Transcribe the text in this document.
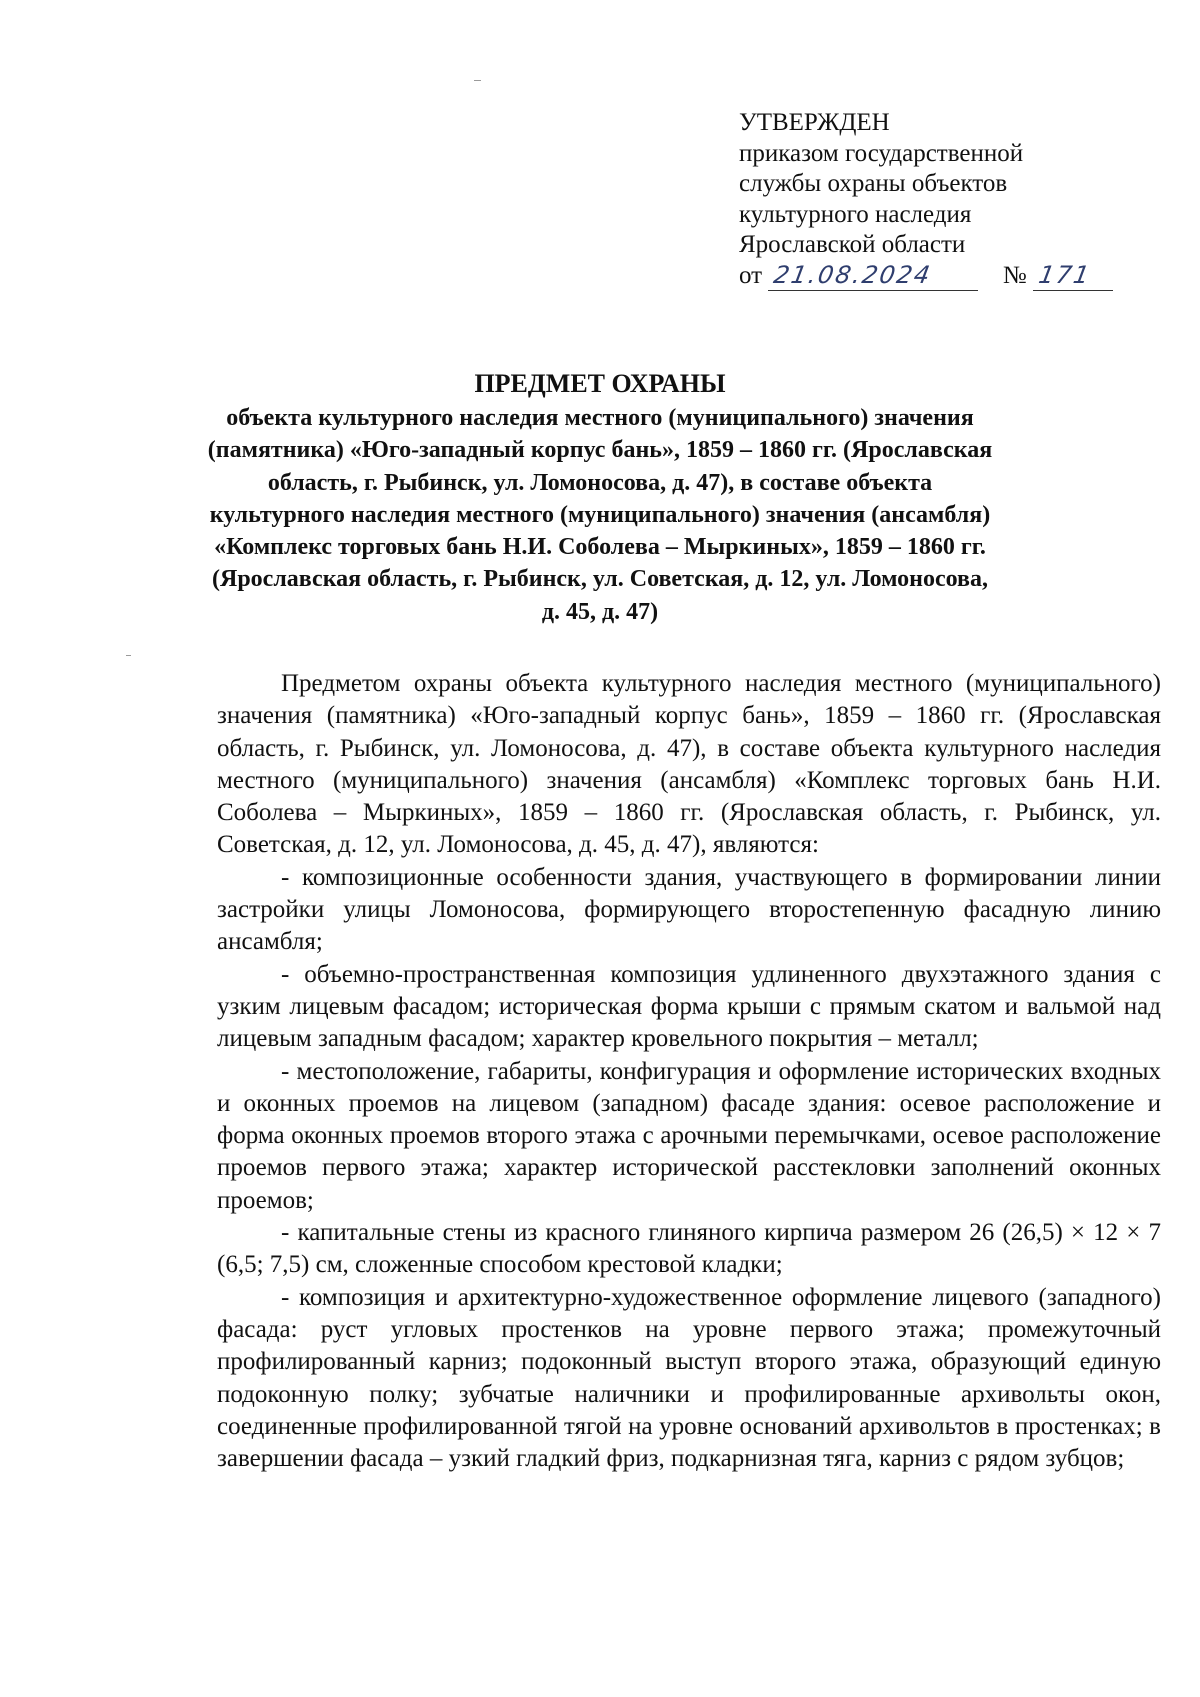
УТВЕРЖДЕН
приказом государственной
службы охраны объектов
культурного наследия
Ярославской области
от 21.08.2024	№ 171
ПРЕДМЕТ ОХРАНЫ
объекта культурного наследия местного (муниципального) значения (памятника) «Юго-западный корпус бань», 1859 – 1860 гг. (Ярославская область, г. Рыбинск, ул. Ломоносова, д. 47), в составе объекта культурного наследия местного (муниципального) значения (ансамбля) «Комплекс торговых бань Н.И. Соболева – Мыркиных», 1859 – 1860 гг. (Ярославская область, г. Рыбинск, ул. Советская, д. 12, ул. Ломоносова, д. 45, д. 47)

Предметом охраны объекта культурного наследия местного (муниципального) значения (памятника) «Юго-западный корпус бань», 1859 – 1860 гг. (Ярославская область, г. Рыбинск, ул. Ломоносова, д. 47), в составе объекта культурного наследия местного (муниципального) значения (ансамбля) «Комплекс торговых бань Н.И. Соболева – Мыркиных», 1859 – 1860 гг. (Ярославская область, г. Рыбинск, ул. Советская, д. 12, ул. Ломоносова, д. 45, д. 47), являются:

- композиционные особенности здания, участвующего в формировании линии застройки улицы Ломоносова, формирующего второстепенную фасадную линию ансамбля;

- объемно-пространственная композиция удлиненного двухэтажного здания с узким лицевым фасадом; историческая форма крыши с прямым скатом и вальмой над лицевым западным фасадом; характер кровельного покрытия – металл;

- местоположение, габариты, конфигурация и оформление исторических входных и оконных проемов на лицевом (западном) фасаде здания: осевое расположение и форма оконных проемов второго этажа с арочными перемычками, осевое расположение проемов первого этажа; характер исторической расстекловки заполнений оконных проемов;

- капитальные стены из красного глиняного кирпича размером 26 (26,5) × 12 × 7 (6,5; 7,5) см, сложенные способом крестовой кладки;

- композиция и архитектурно-художественное оформление лицевого (западного) фасада: руст угловых простенков на уровне первого этажа; промежуточный профилированный карниз; подоконный выступ второго этажа, образующий единую подоконную полку; зубчатые наличники и профилированные архивольты окон, соединенные профилированной тягой на уровне оснований архивольтов в простенках; в завершении фасада – узкий гладкий фриз, подкарнизная тяга, карниз с рядом зубцов;
